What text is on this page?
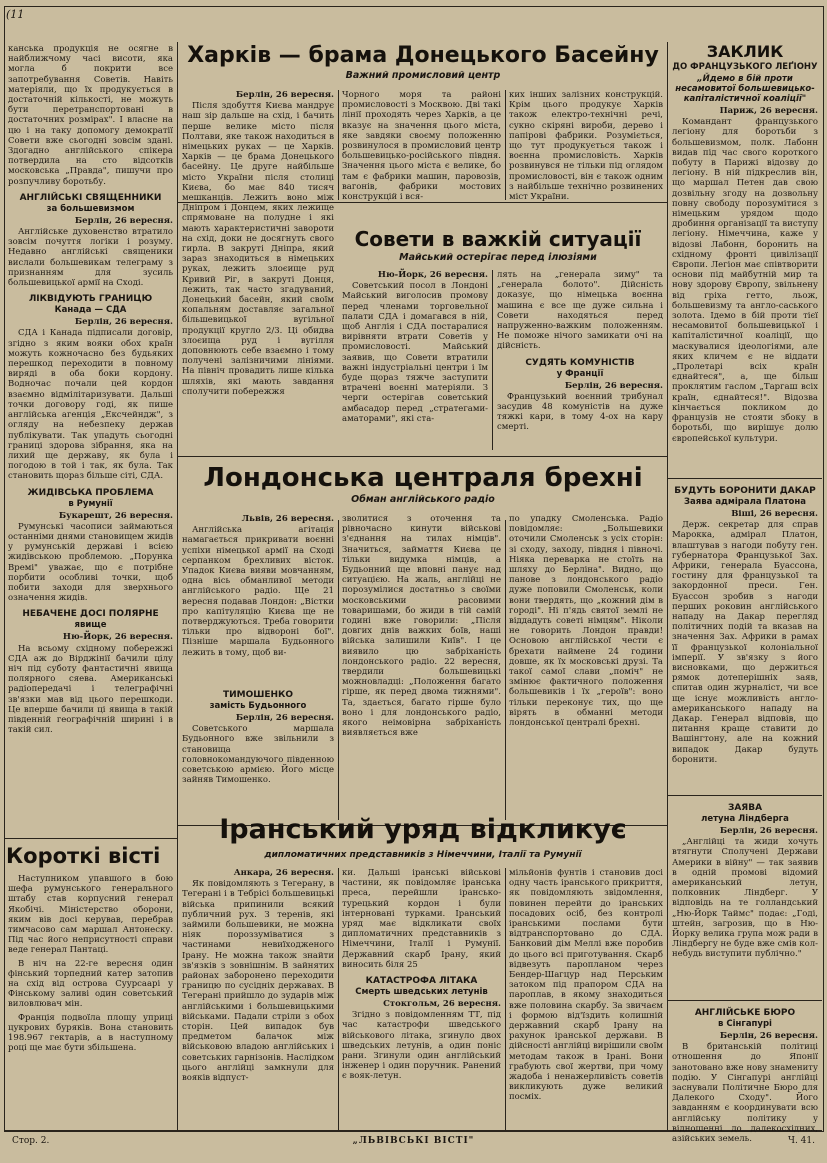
(11

канська продукція не осягне в найближчому часі висоти, яка могла б покрити все запотребування Советів. Навіть матеріяли, що їх продукується в достаточній кількості, не можуть бути перетранспортовані в достаточних розмірах". І власне на цю і на таку допомогу демократії Совети вже сьогодні зовсім здані. Здогадно англійського спікера потвердила на сто відсотків московська „Правда", пишучи про розпучливу боротьбу.

АНГЛІЙСЬКІ СВЯЩЕННИКИ
за большевизмом

Берлін, 26 вересня.

Англійське духовенство втратило зовсім почуття логіки і розуму. Недавно англійські священики вислали большевикам телеграму з признанням для зусиль большевицької армії на Сході.

ЛІКВІДУЮТЬ ГРАНИЦЮ
Канада — СДА

Берлін, 26 вересня.

СДА і Канада підписали договір, згідно з яким вояки обох країн можуть кожночасно без будьяких перешкод переходити в повному виряді в оба боки кордону. Водночас почали цей кордон взаємно відмілітаризувати. Дальші точки договору годі, як пише англійська агенція „Ексчейндж", з огляду на небезпеку держав публікувати. Так упадуть сьогодні границі здорова зібрання, яка на лихий ще державу, як була і погодою в той і так, як була. Так становить щораз більше сіті, СДА.

ЖИДІВСЬКА ПРОБЛЕМА
в Румунії

Букарешт, 26 вересня.

Румунські часописи займаються останніми днями становищем жидів у румунській державі і всією жидівською проблемою. „Порунка Времі" уважає, що є потрібне порбити особливі точки, щоб побити заходи для зверхнього означення жидів.

НЕБАЧЕНЕ ДОСІ ПОЛЯРНЕ
явище

Ню-Йорк, 26 вересня.

На всьому східному побережжі СДА аж до Вірджінії бачили цілу ніч під суботу фантастичні явища полярного сяева. Американські радіопередачі і телеграфічні зв'язки мав від цього перешкоди. Це вперше бачили ці явища в такій південній географічній ширині і в такій сил.

Короткі вісті

Наступником упавшого в бою шефа румунського генерального штабу став корпусний генерал Якобічі. Міністерство оборони, яким вів досі керував, перебрав тимчасово сам маршал Антонеску. Під час його неприсутності справи веде генерал Пантаці.

В ніч на 22-ге вересня один фінський торпедний катер затопив на схід від острова Суурсаарі у Фінському заливі один советський виловлювач мін.

Франція подвоїла площу уприці цукрових буряків. Вона становить 198.967 гектарів, а в наступному році ще має бути збільшена.

Харків — брама Донецького Басейну
Важний промисловий центр

Берлін, 26 вересня.

Після здобуття Києва мандрує наш зір дальше на схід, і бачить перше велике місто після Полтави, яке також находиться в німецьких руках — це Харків. Харків — це брама Донецького басейну. Це друге найбільше місто України після столиці Києва, бо має 840 тисяч мешканців. Лежить воно між Дніпром і Донцем, яких лежище спрямоване на полудне і які мають характеристичні завороти на схід, доки не досягнуть свого гирла. В закруті Дніпра, який зараз знаходиться в німецьких руках, лежить злоєище руд Кривий Ріг, в закруті Донця, лежить, так часто згадуваний, Донецький басейн, який своїм копальням доставляє загальної більшевицької вугільної продукції кругло 2/3. Ці обидва злоєища руд і вугілля доповнюють себе взаємно і тому получені залізничими лініями. На північ провадить лише кілька шляхів, які мають завдання сполучити побережжя

Чорного моря та районі промисловості з Москвою. Дві такі лінії проходять через Харків, а це вказує на значення цього міста, яке завдяки своєму положенню розвинулося в промисловий центр большевицько-російського півдня. Значення цього міста є велике, бо там є фабрики машин, паровозів, вагонів, фабрики мостових конструкцій і вся-

ких інших залізних конструкцій. Крім цього продукує Харків також електро-технічні речі, сукно скіряні вироби, дерево і папірові фабрики. Розуміється, що тут продукується також і воєнна промисловість. Харків розвинувся не тільки під оглядом промисловості, він є також одним з найбільше технічно розвинених міст України.

Совети в важкій ситуації
Майський остерігає перед ілюзіями

Ню-Йорк, 26 вересня.

Советський посол в Лондоні Майський виголосив промову перед членами торговельної палати СДА і домагався в ній, щоб Англія і СДА постаралися вирівняти втрати Советів у промисловості. Майський заявив, що Совети втратили важні індустріальні центри і їм буде щораз тяжче заступити втрачені воєнні матеріяли. З черги остерігав советський амбасадор перед „стратегами-аматорами", які ста-

лять на „генерала зиму" та „генерала болото". Дійсність доказує, що німецька воєнна машина є все ще дуже сильна і Совети находяться перед напруженно-важким положенням. Не поможе нічого замикати очі на дійсність.

СУДЯТЬ КОМУНІСТІВ
у Франції

Берлін, 26 вересня.

Французький воєнний трибунал засудив 48 комуністів на дуже тяжкі кари, в тому 4-ох на кару смерті.

Лондонська централя брехні
Обман англійського радіо

Львів, 26 вересня.

Англійська агітація намагається прикривати воєнні успіхи німецької армії на Сході серпанком брехливих вісток. Упадок Києва вияви мовчанням, одна вісь обманливої методи англійського радіо. Ще 21 вересня подавав Лондон: „Вістки про капітуляцію Києва ще не потверджуються. Треба говорити тільки про відвороні бої". Пізніше маршала Будьонного лежить в тому, щоб ви-

ТИМОШЕНКО
замість Будьонного

Берлін, 26 вересня.

Советського маршала Будьонного вже звільнили з становища головнокомандуючого південною советською армією. Його місце зайняв Тимошенко.

зволитися з оточення та рівночасно кинути військові з'єднання на тилах німців". Значиться, займаття Києва це тільки видумка німців, а Будьонний ще вповні панує над ситуацією. На жаль, англійці не порозумілися достатньо з своїми московськими расовими товаришами, бо жиди в тій самій годині вже говорили: „Після довгих днів важких боїв, наші війська залишили Київ". І це виявило цю забріхaність лондонського радіо. 22 вересня, твердили большевицькі можновладці: „Положення багато гірше, як перед двома тижнями". Та, здається, багато гірше було воно і для лондонського радіо, якого неімовірна забріхaність виявляється вже

по упадку Смоленська. Радіо повідомляє: „Большевики оточили Смоленськ з усіх сторін: зі сходу, заходу, півдня і півночі. Ніяка переварка не стоїть на шляху до Берліна". Видно, що панове з лондонського радіо дуже поповили Смоленськ, коли вони твердять, що „кожний дім в городі". Ні п'ядь святої землі не віддадуть советі німцям". Ніколи не говорить Лондон правди! Основою англійської чести є брехати наймене 24 години довше, як їх московські друзі. Та такої самої слави „поміч" не змінює фактичного положення большевиків і їх „героїв": воно тільки переконує тих, що ще вірять в обманні методи лондонської централі брехні.

Іранський уряд відкликує
дипломатичних представників з Німеччини, Італії та Румунії

Анкара, 26 вересня.

Як повідомляють з Тегерану, в Тегерані і в Тебрісі большевицькі війська припинили всякий публичний рух. З теренів, які займили большевики, не можна ніяк пороззуміватися з частинами невиїходженого Ірану. Не можна також знайти зв'язків з зовнішнім. В зайнятих районах заборонено переходити границю по сусідніх державах. В Тегерані прийшло до зударів між англійськими і большевицькими військами. Падали стріли з обох сторін. Цей випадок був предметом балачок між військовою владою англійських і советських гарнізонів. Наслідком цього англійці замкнули для вояків відпуст-

ки. Дальші іранські військові частини, як повідомляє іранська преса, перейшли іранcько-турецький кордон і були інтерновані турками. Іранський уряд має відкликати своїх дипломатичних представників з Німеччини, Італії і Румунії. Державний скарб Ірану, який виносить біля 25

КАТАСТРОФА ЛІТАКА
Смерть шведських летунів

Стокгольм, 26 вересня.

Згідно з повідомленням ТТ, під час катастрофи шведського військового літака, згинуло двох шведських летунів, а один поніс рани. Згинули один англійський інженер і один поручник. Ранений є вояк-летун.

мільйонів фунтів і становив досі одну часть іранського прикриття, як повідомляють звідомлення, повинен перейти до іранських посадових осіб, без контролі іранськими послами бути відтранспортовано до СДА. Банковий дім Меллі вже поробив до цього всі приготування. Скарб відвезуть паропланом через Бендер-Шагцур над Перським затоком під прапором СДА на пароплав, в якому знаходиться вже половина скарбу. За звичаєм і формою від'їздить колишній державний скарб Ірану на рахунок іранської держави. В дійсності англійці вирішили своїм методам також в Ірані. Вони грабують свої жертви, при чому жадоба і ненажерливість советів викликують дуже великий посміх.

ЗАКЛИК
ДО ФРАНЦУЗЬКОГО ЛЕҐІОНУ
„Йдемо в бій проти несамовитої большевицько-капіталістичної коаліції"

Париж, 26 вересня.

Командант французького легіону для боротьби з большевизмом, полк. Лабонн видав під час свого короткого побуту в Парижі відозву до легіону. В ній підкреслив він, що маршал Петен дав свою дозвільну згоду на дозвольну повну свободу порозумітися з німецьким урядом щодо дробиння організації та виступу легіону. Німеччина, каже у відозві Лабонн, боронить на східному фронті цивілізації Європи. Легіон має співтворити основи під майбутній мир та нову здорову Європу, звільнену від гріха гетто, льож, большевизму та англо-саського золота. Ідемо в бій проти тієї несамовитої большевицької і капіталістичної коаліції, що маскувалися ідеологіями, але яких кличем є не віддати „Пролетарі всіх країн єднайтеся", а, ще більш проклятим гаслом „Таргаш всіх країн, єднайтеся!". Відозва кінчається покликом до французів не стояти збоку в боротьбі, що вирішує долю європейської культури.

БУДУТЬ БОРОНИТИ ДАКАР
Заява адмірала Платона

Віші, 26 вересня.

Держ. секретар для справ Марокка, адмірал Платон, влаштував з нагоди побуту ген. губернатора Французької Зах. Африки, генерала Буассона, гостину для французької та закордонної преси. Ген. Буассон зробив з нагоди перших роковин англійського нападу на Дакар перегляд політичних подій та вказав на значення Зах. Африки в рамах її французької колоніальної імперії. У зв'язку з його висновками, що держиться рямок дотеперішніх заяв, спитав один журналіст, чи все ще існує можливість англо-американського нападу на Дакар. Генерал відповів, що питання краще ставити до Вашінгтону, але на кожний випадок Дакар будуть боронити.

ЗАЯВА
летуна Ліндберга

Берлін, 26 вересня.

„Англійці та жиди хочуть втягнути Сполучені Держави Америки в війну" — так заявив в одній промові відомий американський летун, полковник Ліндберг. У відповідь на те голландський „Ню-Йорк Таймс" подає: „Годі, штейн, загрозив, що в Ню-Йорку велика група мож ради в Ліндбергу не буде вже смів кол-небудь виступити публічно."

АНГЛІЙСЬКЕ БЮРО
в Сінгапурі

Берлін, 26 вересня.

В британській політиці отношення до Японії занотовано вже нову знамениту подію. У Сінгапурі англійці заснували Політичне Бюро для Далекого Сходу". Його завданням є координувати всю англійську політику у відношенні до далекосхідних, азійських земель.

Стор. 2.	„ЛЬВІВСЬКІ ВІСТІ"	Ч. 41.
